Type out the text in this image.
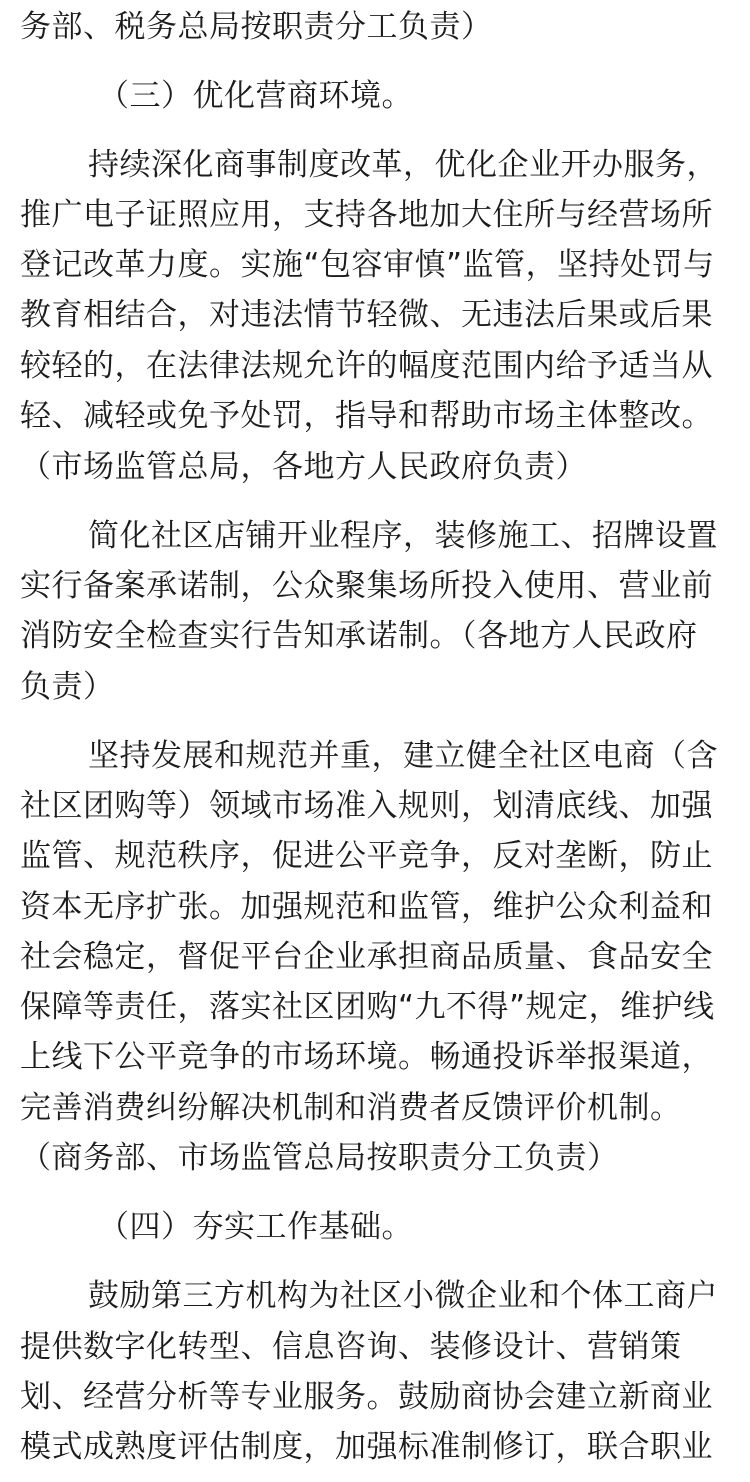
务部、税务总局按职责分工负责）
（三）优化营商环境。
持续深化商事制度改革，优化企业开办服务，
推广电子证照应用，支持各地加大住所与经营场所
登记改革力度。实施“包容审慎”监管，坚持处罚与
教育相结合，对违法情节轻微、无违法后果或后果
较轻的，在法律法规允许的幅度范围内给予适当从
轻、减轻或免予处罚，指导和帮助市场主体整改。
（市场监管总局，各地方人民政府负责）
简化社区店铺开业程序，装修施工、招牌设置
实行备案承诺制，公众聚集场所投入使用、营业前
消防安全检查实行告知承诺制。（各地方人民政府
负责）
坚持发展和规范并重，建立健全社区电商（含
社区团购等）领域市场准入规则，划清底线、加强
监管、规范秩序，促进公平竞争，反对垄断，防止
资本无序扩张。加强规范和监管，维护公众利益和
社会稳定，督促平台企业承担商品质量、食品安全
保障等责任，落实社区团购“九不得”规定，维护线
上线下公平竞争的市场环境。畅通投诉举报渠道，
完善消费纠纷解决机制和消费者反馈评价机制。
（商务部、市场监管总局按职责分工负责）
（四）夯实工作基础。
鼓励第三方机构为社区小微企业和个体工商户
提供数字化转型、信息咨询、装修设计、营销策
划、经营分析等专业服务。鼓励商协会建立新商业
模式成熟度评估制度，加强标准制修订，联合职业
